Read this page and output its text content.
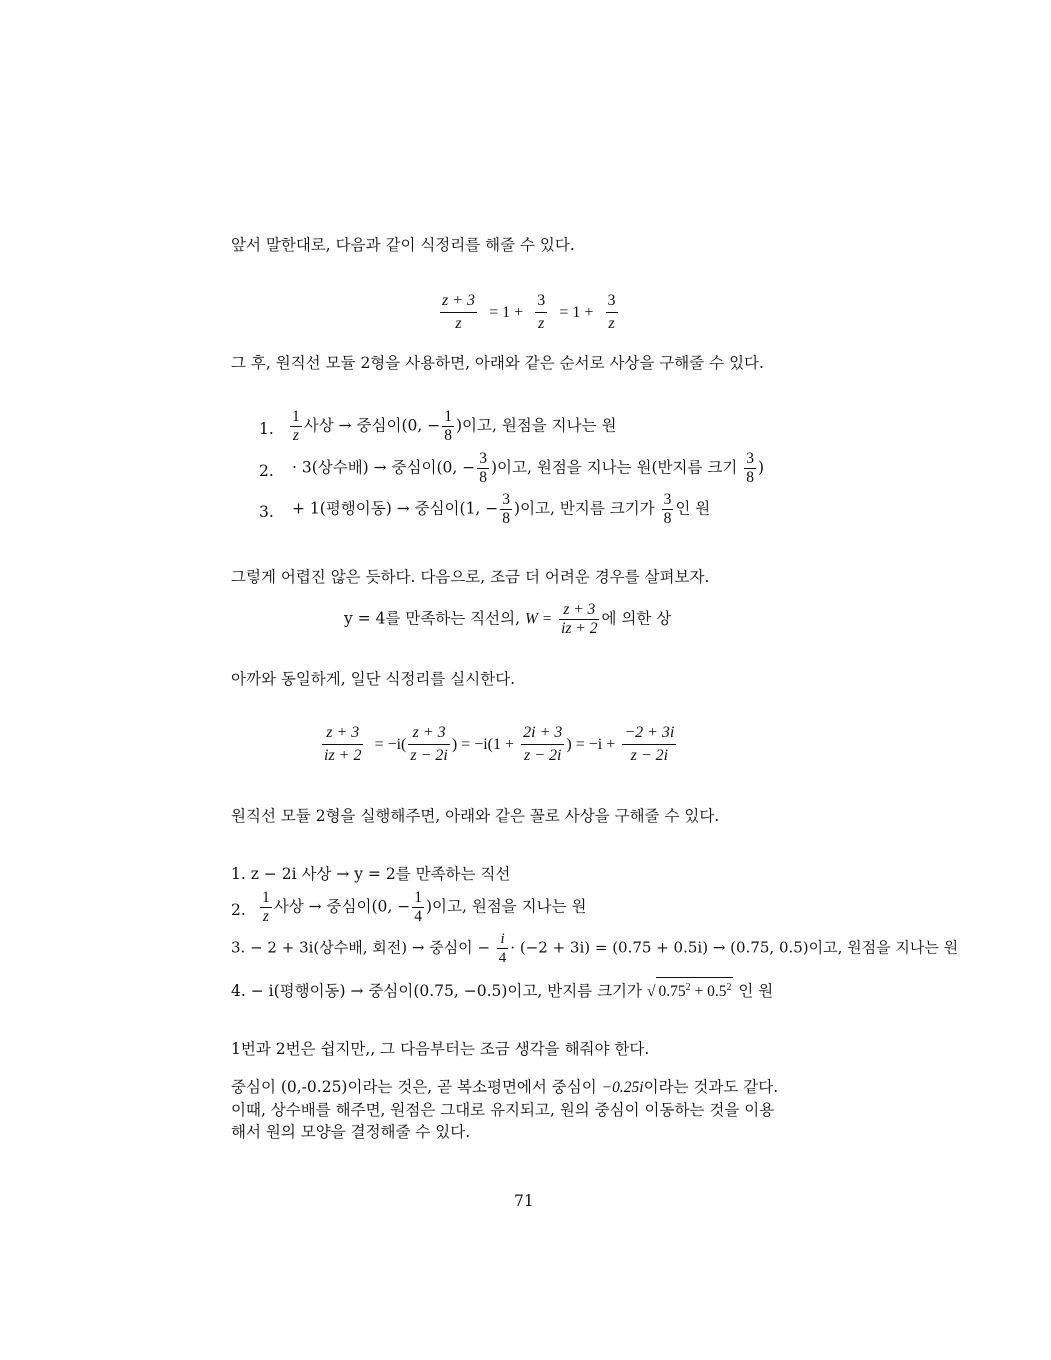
앞서 말한대로, 다음과 같이 식정리를 해줄 수 있다.
$\frac{z + 3}{z} = 1 + \frac{3}{z} = 1 + \frac{3}{z}$
그 후, 원직선 모듈 2형을 사용하면, 아래와 같은 순서로 사상을 구해줄 수 있다.
1. $\frac{1}{z}$ 사상 → 중심이(0, − $\frac{1}{8}$ )이고, 원점을 지나는 원
2. · 3(상수배) → 중심이(0, − $\frac{3}{8}$ )이고, 원점을 지나는 원(반지름 크기 $\frac{3}{8}$ )
3. + 1(평행이동) → 중심이(1, − $\frac{3}{8}$ )이고, 반지름 크기가 $\frac{3}{8}$ 인 원
그렇게 어렵진 않은 듯하다. 다음으로, 조금 더 어려운 경우를 살펴보자.
y = 4를 만족하는 직선의, $W = \frac{z + 3}{iz + 2}$ 에 의한 상
아까와 동일하게, 일단 식정리를 실시한다.
$\frac{z + 3}{iz + 2} = -i( \frac{z + 3}{z - 2i}$ ) = $-i(1 + \frac{2i + 3}{z - 2i}$ ) = $-i + \frac{-2 + 3i}{z - 2i}$
원직선 모듈 2형을 실행해주면, 아래와 같은 꼴로 사상을 구해줄 수 있다.
1. z − 2i 사상 → y = 2를 만족하는 직선
2. $\frac{1}{z}$ 사상 → 중심이(0, − $\frac{1}{4}$ )이고, 원점을 지나는 원
3. − 2 + 3i(상수배, 회전) → 중심이 − $\frac{i}{4} \cdot (-2 + 3i) = (0.75 + 0.5i) \to (0.75$, 0.5)이고, 원점을 지나는 원
4. − i(평행이동) → 중심이(0.75, −0.5)이고, 반지름 크기가 √ $0.75^2 + 0.5^2$ 인 원
1번과 2번은 쉽지만,, 그 다음부터는 조금 생각을 해줘야 한다.
중심이 (0,-0.25)이라는 것은, 곧 복소평면에서 중심이 −0.25i이라는 것과도 같다.
이때, 상수배를 해주면, 원점은 그대로 유지되고, 원의 중심이 이동하는 것을 이용
해서 원의 모양을 결정해줄 수 있다.
71
